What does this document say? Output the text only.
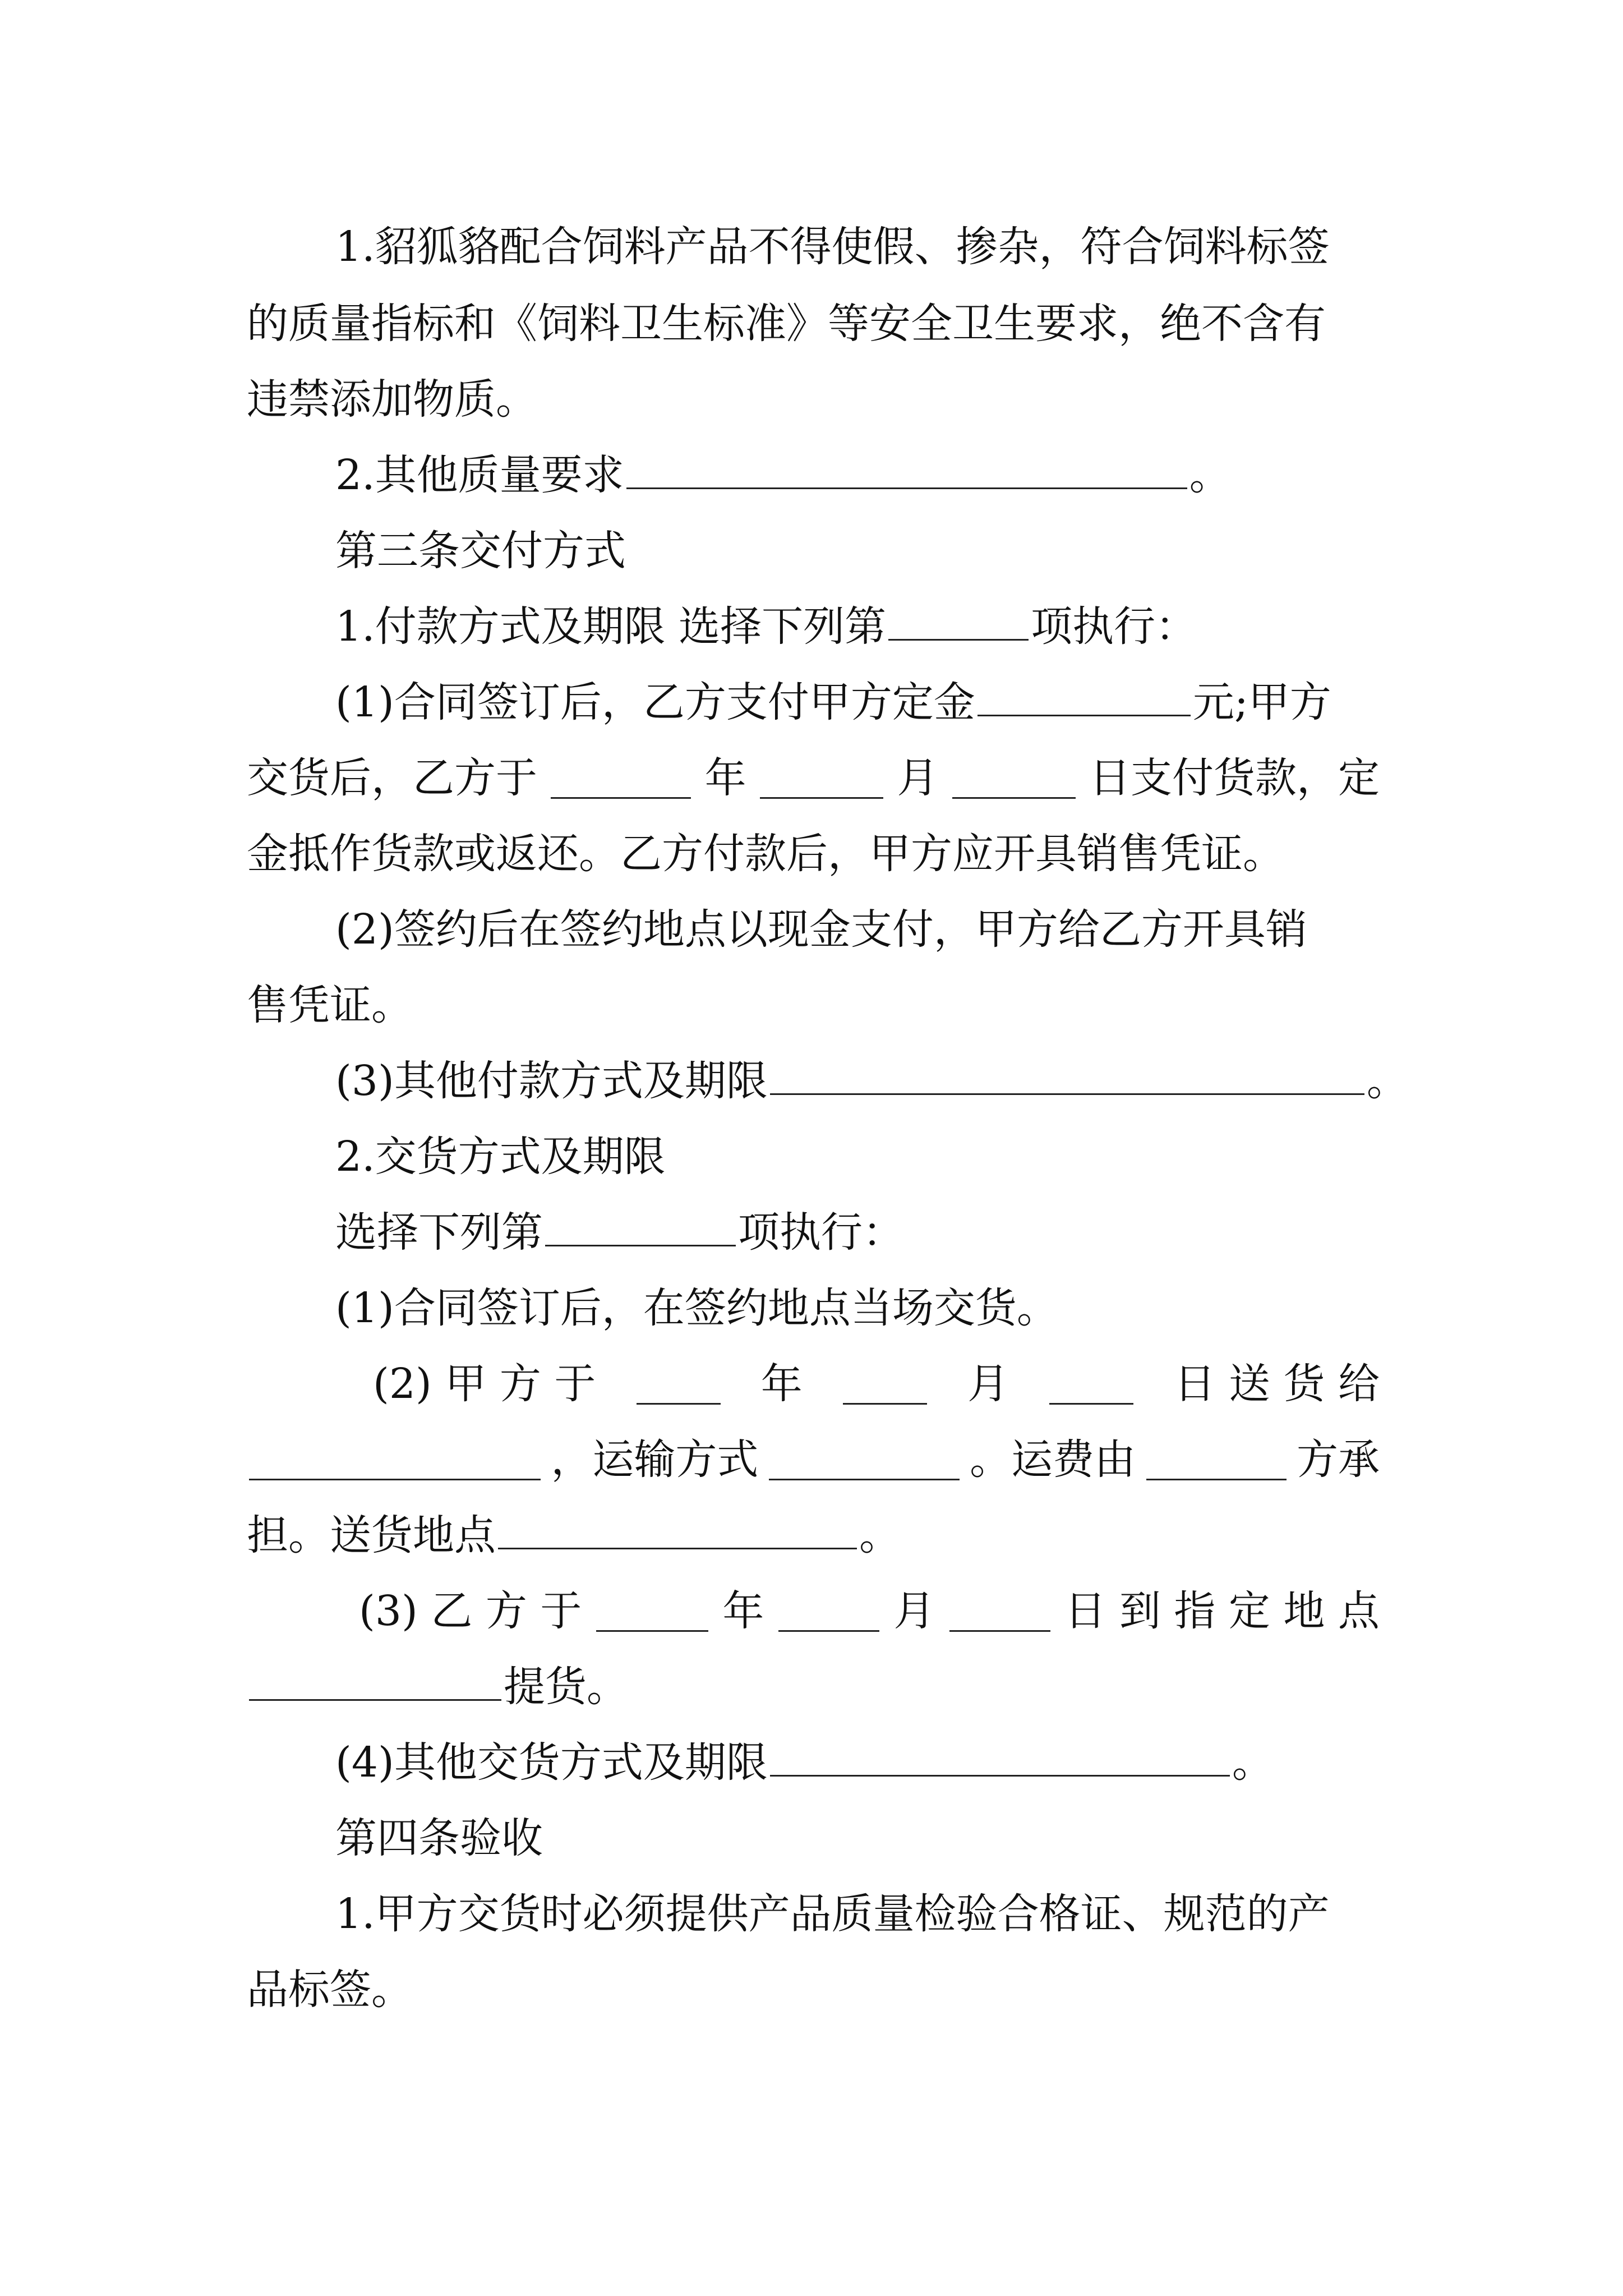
1.貂狐貉配合饲料产品不得使假、掺杂，符合饲料标签
的质量指标和《饲料卫生标准》等安全卫生要求，绝不含有
违禁添加物质。
2.其他质量要求	。
第三条交付方式
1.付款方式及期限 选择下列第	项执行：
(1)合同签订后，乙方支付甲方定金	元;甲方
交货后，乙方于	年	月	日支付货款，定
金抵作货款或返还。乙方付款后，甲方应开具销售凭证。
(2)签约后在签约地点以现金支付，甲方给乙方开具销
售凭证。
(3)其他付款方式及期限	。
2.交货方式及期限
选择下列第	项执行：
(1)合同签订后，在签约地点当场交货。
(2) 甲 方 于	年	月	日 送 货 给
，运输方式	。运费由	方承
担。送货地点	。
(3) 乙 方 于	年	月	日 到 指 定 地 点
提货。
(4)其他交货方式及期限	。
第四条验收
1.甲方交货时必须提供产品质量检验合格证、规范的产
品标签。
